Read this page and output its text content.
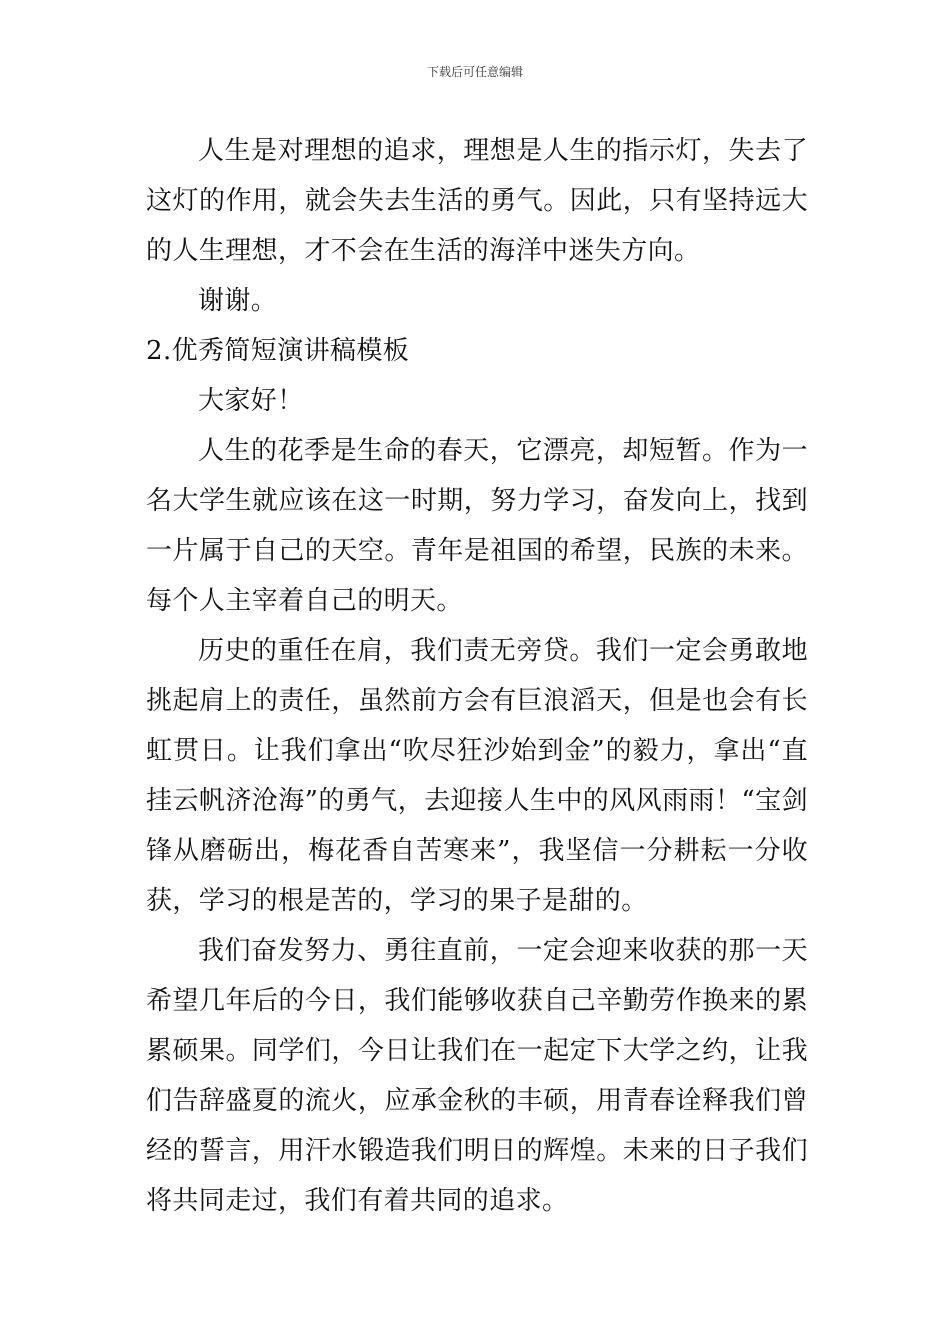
下载后可任意编辑

人生是对理想的追求，理想是人生的指示灯，失去了这灯的作用，就会失去生活的勇气。因此，只有坚持远大的人生理想，才不会在生活的海洋中迷失方向。

谢谢。

2.优秀简短演讲稿模板

大家好！

人生的花季是生命的春天，它漂亮，却短暂。作为一名大学生就应该在这一时期，努力学习，奋发向上，找到一片属于自己的天空。青年是祖国的希望，民族的未来。每个人主宰着自己的明天。

历史的重任在肩，我们责无旁贷。我们一定会勇敢地挑起肩上的责任，虽然前方会有巨浪滔天，但是也会有长虹贯日。让我们拿出“吹尽狂沙始到金”的毅力，拿出“直挂云帆济沧海”的勇气，去迎接人生中的风风雨雨！“宝剑锋从磨砺出，梅花香自苦寒来”，我坚信一分耕耘一分收获，学习的根是苦的，学习的果子是甜的。

我们奋发努力、勇往直前，一定会迎来收获的那一天希望几年后的今日，我们能够收获自己辛勤劳作换来的累累硕果。同学们，今日让我们在一起定下大学之约，让我们告辞盛夏的流火，应承金秋的丰硕，用青春诠释我们曾经的誓言，用汗水锻造我们明日的辉煌。未来的日子我们将共同走过，我们有着共同的追求。
